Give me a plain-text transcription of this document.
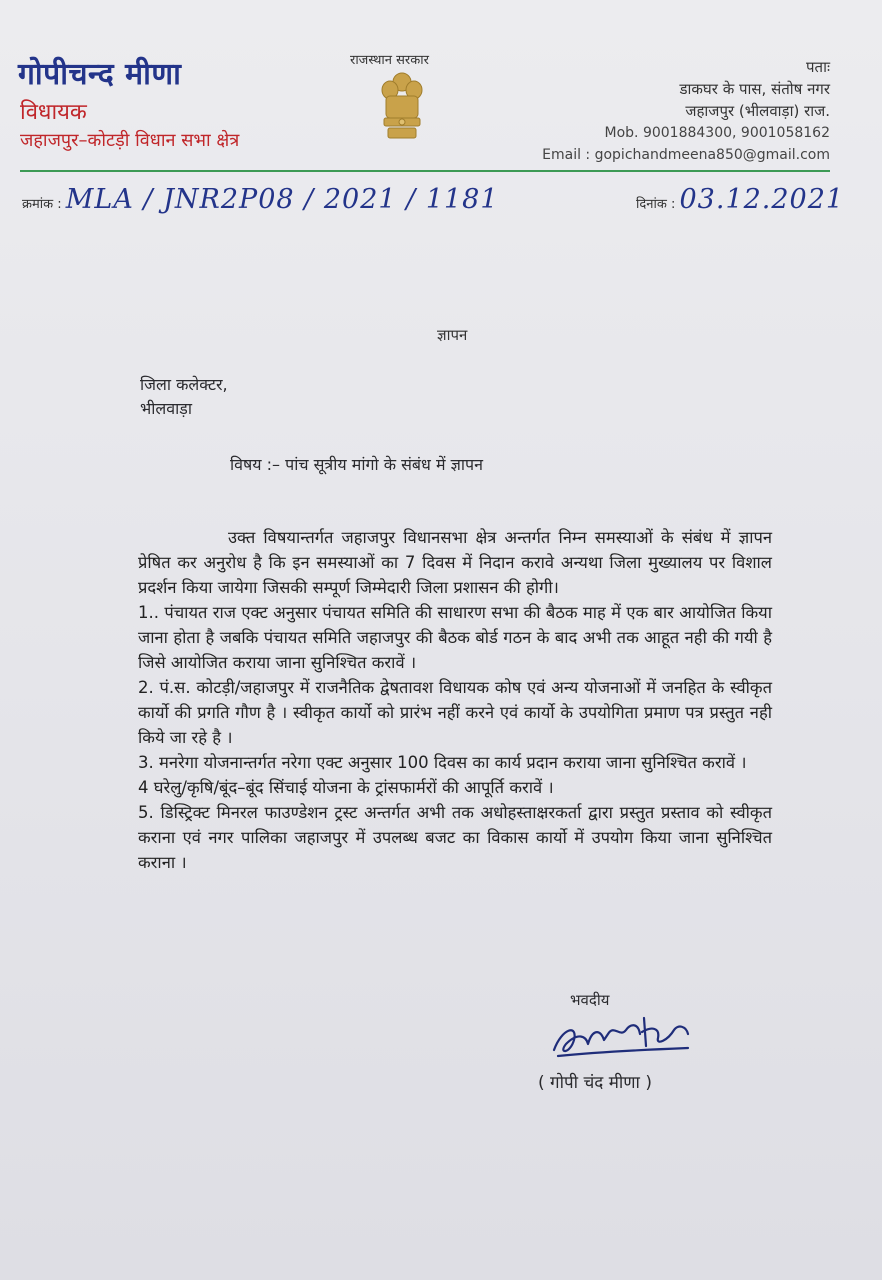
गोपीचन्द मीणा
विधायक
जहाजपुर–कोटड़ी विधान सभा क्षेत्र
राजस्थान सरकार	पताः
डाकघर के पास, संतोष नगर
जहाजपुर (भीलवाड़ा) राज.
Mob. 9001884300, 9001058162
Email : gopichandmeena850@gmail.com
क्रमांक : MLA / JNR2P08 / 2021 / 1181	दिनांक : 03.12.2021
ज्ञापन
जिला कलेक्टर,
भीलवाड़ा
विषय :– पांच सूत्रीय मांगो के संबंध में ज्ञापन

उक्त विषयान्तर्गत जहाजपुर विधानसभा क्षेत्र अन्तर्गत निम्न समस्याओं के संबंध में ज्ञापन प्रेषित कर अनुरोध है कि इन समस्याओं का 7 दिवस में निदान करावे अन्यथा जिला मुख्यालय पर विशाल प्रदर्शन किया जायेगा जिसकी सम्पूर्ण जिम्मेदारी जिला प्रशासन की होगी।

1.. पंचायत राज एक्ट अनुसार पंचायत समिति की साधारण सभा की बैठक माह में एक बार आयोजित किया जाना होता है जबकि पंचायत समिति जहाजपुर की बैठक बोर्ड गठन के बाद अभी तक आहूत नही की गयी है जिसे आयोजित कराया जाना सुनिश्चित करावें ।

2. पं.स. कोटड़ी/जहाजपुर में राजनैतिक द्वेषतावश विधायक कोष एवं अन्य योजनाओं में जनहित के स्वीकृत कार्यो की प्रगति गौण है । स्वीकृत कार्यो को प्रारंभ नहीं करने एवं कार्यो के उपयोगिता प्रमाण पत्र प्रस्तुत नही किये जा रहे है ।

3. मनरेगा योजनान्तर्गत नरेगा एक्ट अनुसार 100 दिवस का कार्य प्रदान कराया जाना सुनिश्चित करावें ।

4 घरेलु/कृषि/बूंद–बूंद सिंचाई योजना के ट्रांसफार्मरों की आपूर्ति करावें ।

5. डिस्ट्रिक्ट मिनरल फाउण्डेशन ट्रस्ट अन्तर्गत अभी तक अधोहस्ताक्षरकर्ता द्वारा प्रस्तुत प्रस्ताव को स्वीकृत कराना एवं नगर पालिका जहाजपुर में उपलब्ध बजट का विकास कार्यो में उपयोग किया जाना सुनिश्चित कराना ।

भवदीय
( गोपी चंद मीणा )
